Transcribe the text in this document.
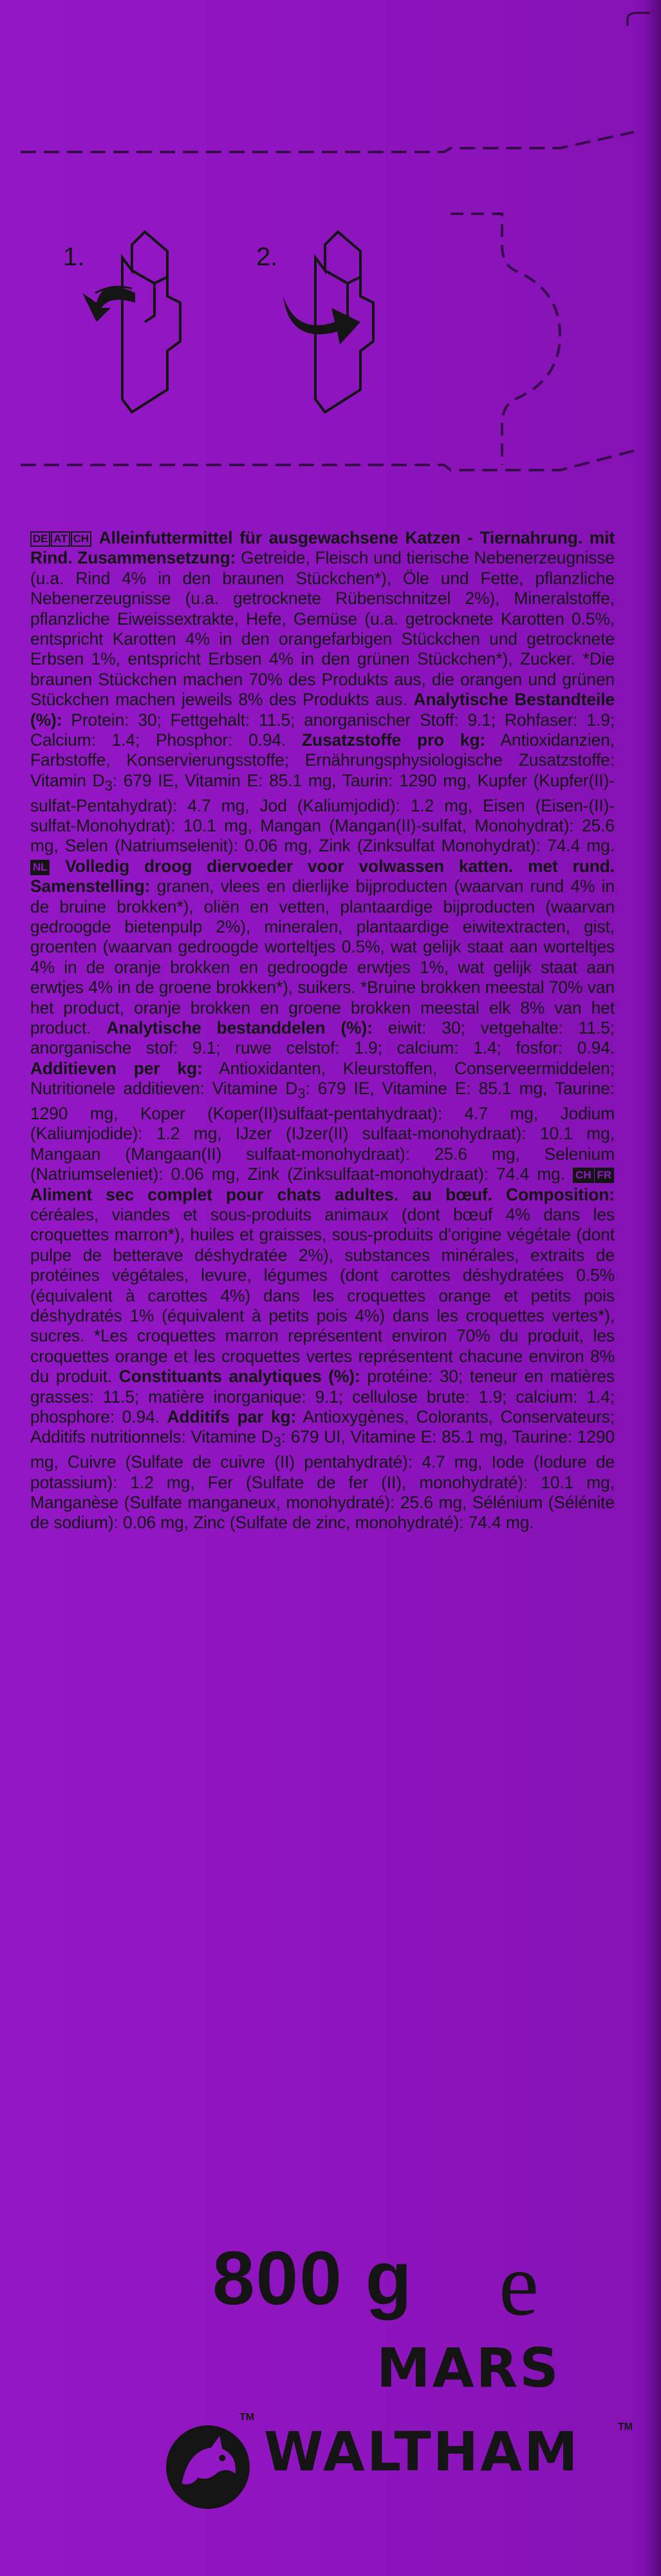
1.	2.
DE AT CH Alleinfuttermittel für ausgewachsene Katzen - Tiernahrung. mit Rind. Zusammensetzung: Getreide, Fleisch und tierische Nebenerzeugnisse (u.a. Rind 4% in den braunen Stückchen*), Öle und Fette, pflanzliche Nebenerzeugnisse (u.a. getrocknete Rübenschnitzel 2%), Mineralstoffe, pflanzliche Eiweissextrakte, Hefe, Gemüse (u.a. getrocknete Karotten 0.5%, entspricht Karotten 4% in den orangefarbigen Stückchen und getrocknete Erbsen 1%, entspricht Erbsen 4% in den grünen Stückchen*), Zucker. *Die braunen Stückchen machen 70% des Produkts aus, die orangen und grünen Stückchen machen jeweils 8% des Produkts aus. Analytische Bestandteile (%): Protein: 30; Fettgehalt: 11.5; anorganischer Stoff: 9.1; Rohfaser: 1.9; Calcium: 1.4; Phosphor: 0.94. Zusatzstoffe pro kg: Antioxidanzien, Farbstoffe, Konservierungsstoffe; Ernährungsphysiologische Zusatzstoffe: Vitamin $D_3$: 679 IE, Vitamin E: 85.1 mg, Taurin: 1290 mg, Kupfer (Kupfer(II)-sulfat-Pentahydrat): 4.7 mg, Jod (Kaliumjodid): 1.2 mg, Eisen (Eisen-(II)-sulfat-Monohydrat): 10.1 mg, Mangan (Mangan(II)-sulfat, Monohydrat): 25.6 mg, Selen (Natriumselenit): 0.06 mg, Zink (Zinksulfat Monohydrat): 74.4 mg. NL Volledig droog diervoeder voor volwassen katten. met rund. Samenstelling: granen, vlees en dierlijke bijproducten (waarvan rund 4% in de bruine brokken*), oliën en vetten, plantaardige bijproducten (waarvan gedroogde bietenpulp 2%), mineralen, plantaardige eiwitextracten, gist, groenten (waarvan gedroogde worteltjes 0.5%, wat gelijk staat aan worteltjes 4% in de oranje brokken en gedroogde erwtjes 1%, wat gelijk staat aan erwtjes 4% in de groene brokken*), suikers. *Bruine brokken meestal 70% van het product, oranje brokken en groene brokken meestal elk 8% van het product. Analytische bestanddelen (%): eiwit: 30; vetgehalte: 11.5; anorganische stof: 9.1; ruwe celstof: 1.9; calcium: 1.4; fosfor: 0.94. Additieven per kg: Antioxidanten, Kleurstoffen, Conserveermiddelen; Nutritionele additieven: Vitamine $D_3$: 679 IE, Vitamine E: 85.1 mg, Taurine: 1290 mg, Koper (Koper(II)sulfaat-pentahydraat): 4.7 mg, Jodium (Kaliumjodide): 1.2 mg, IJzer (IJzer(II) sulfaat-monohydraat): 10.1 mg, Mangaan (Mangaan(II) sulfaat-monohydraat): 25.6 mg, Selenium (Natriumseleniet): 0.06 mg, Zink (Zinksulfaat-monohydraat): 74.4 mg. CH FR Aliment sec complet pour chats adultes. au bœuf. Composition: céréales, viandes et sous-produits animaux (dont bœuf 4% dans les croquettes marron*), huiles et graisses, sous-produits d'origine végétale (dont pulpe de betterave déshydratée 2%), substances minérales, extraits de protéines végétales, levure, légumes (dont carottes déshydratées 0.5% (équivalent à carottes 4%) dans les croquettes orange et petits pois déshydratés 1% (équivalent à petits pois 4%) dans les croquettes vertes*), sucres. *Les croquettes marron représentent environ 70% du produit, les croquettes orange et les croquettes vertes représentent chacune environ 8% du produit. Constituants analytiques (%): protéine: 30; teneur en matières grasses: 11.5; matière inorganique: 9.1; cellulose brute: 1.9; calcium: 1.4; phosphore: 0.94. Additifs par kg: Antioxygènes, Colorants, Conservateurs; Additifs nutritionnels: Vitamine $D_3$: 679 UI, Vitamine E: 85.1 mg, Taurine: 1290 mg, Cuivre (Sulfate de cuivre (II) pentahydraté): 4.7 mg, Iode (Iodure de potassium): 1.2 mg, Fer (Sulfate de fer (II), monohydraté): 10.1 mg, Manganèse (Sulfate manganeux, monohydraté): 25.6 mg, Sélénium (Sélénite de sodium): 0.06 mg, Zinc (Sulfate de zinc, monohydraté): 74.4 mg.
800 g e
MARS
TM
WALTHAM	TM
